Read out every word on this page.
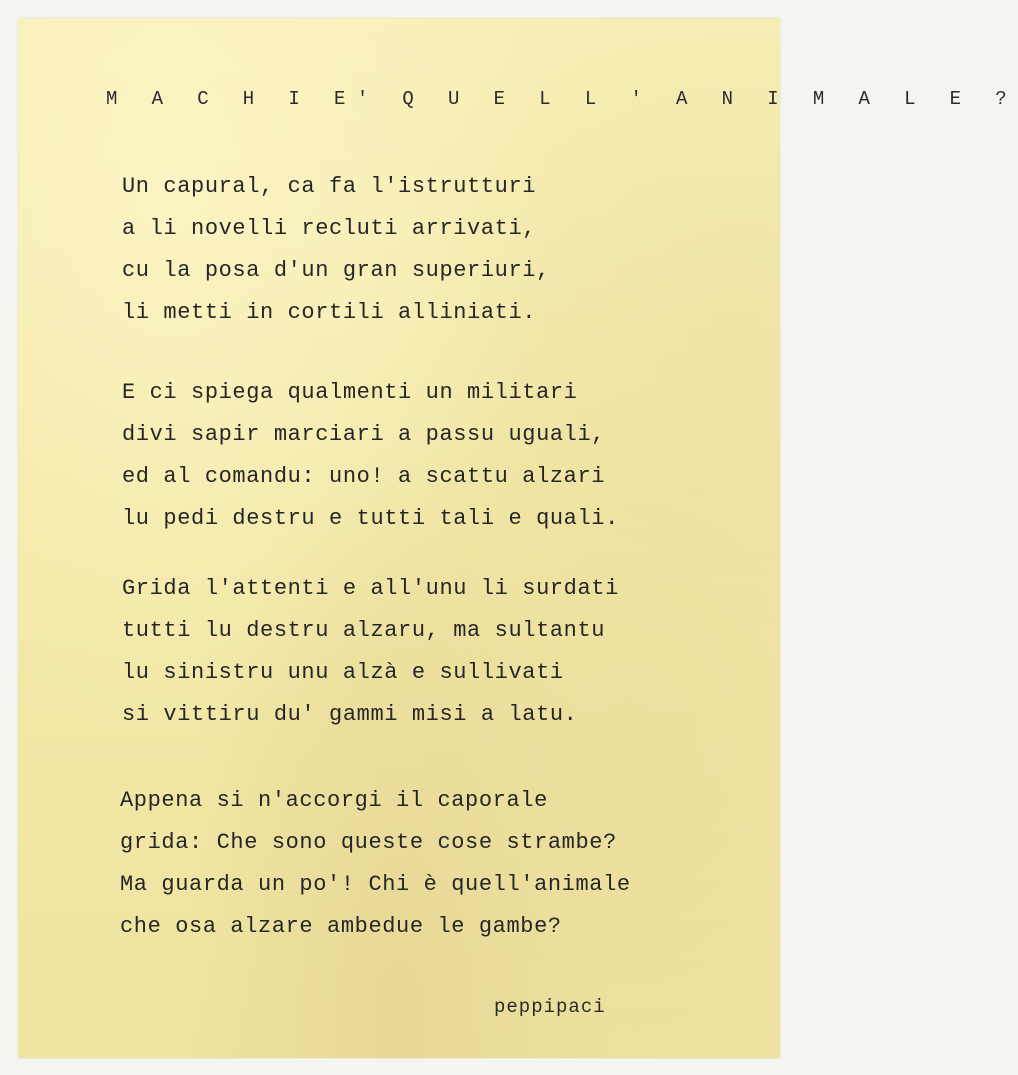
M A C H I E' Q U E L L ' A N I M A L E ?
Un capural, ca fa l'istrutturi
a li novelli recluti arrivati,
cu la posa d'un gran superiuri,
li metti in cortili alliniati.
E ci spiega qualmenti un militari
divi sapir marciari a passu uguali,
ed al comandu: uno! a scattu alzari
lu pedi destru e tutti tali e quali.
Grida l'attenti e all'unu li surdati
tutti lu destru alzaru, ma sultantu
lu sinistru unu alzà e sullivati
si vittiru du' gammi misi a latu.
Appena si n'accorgi il caporale
grida: Che sono queste cose strambe?
Ma guarda un po'! Chi è quell'animale
che osa alzare ambedue le gambe?
peppipaci
